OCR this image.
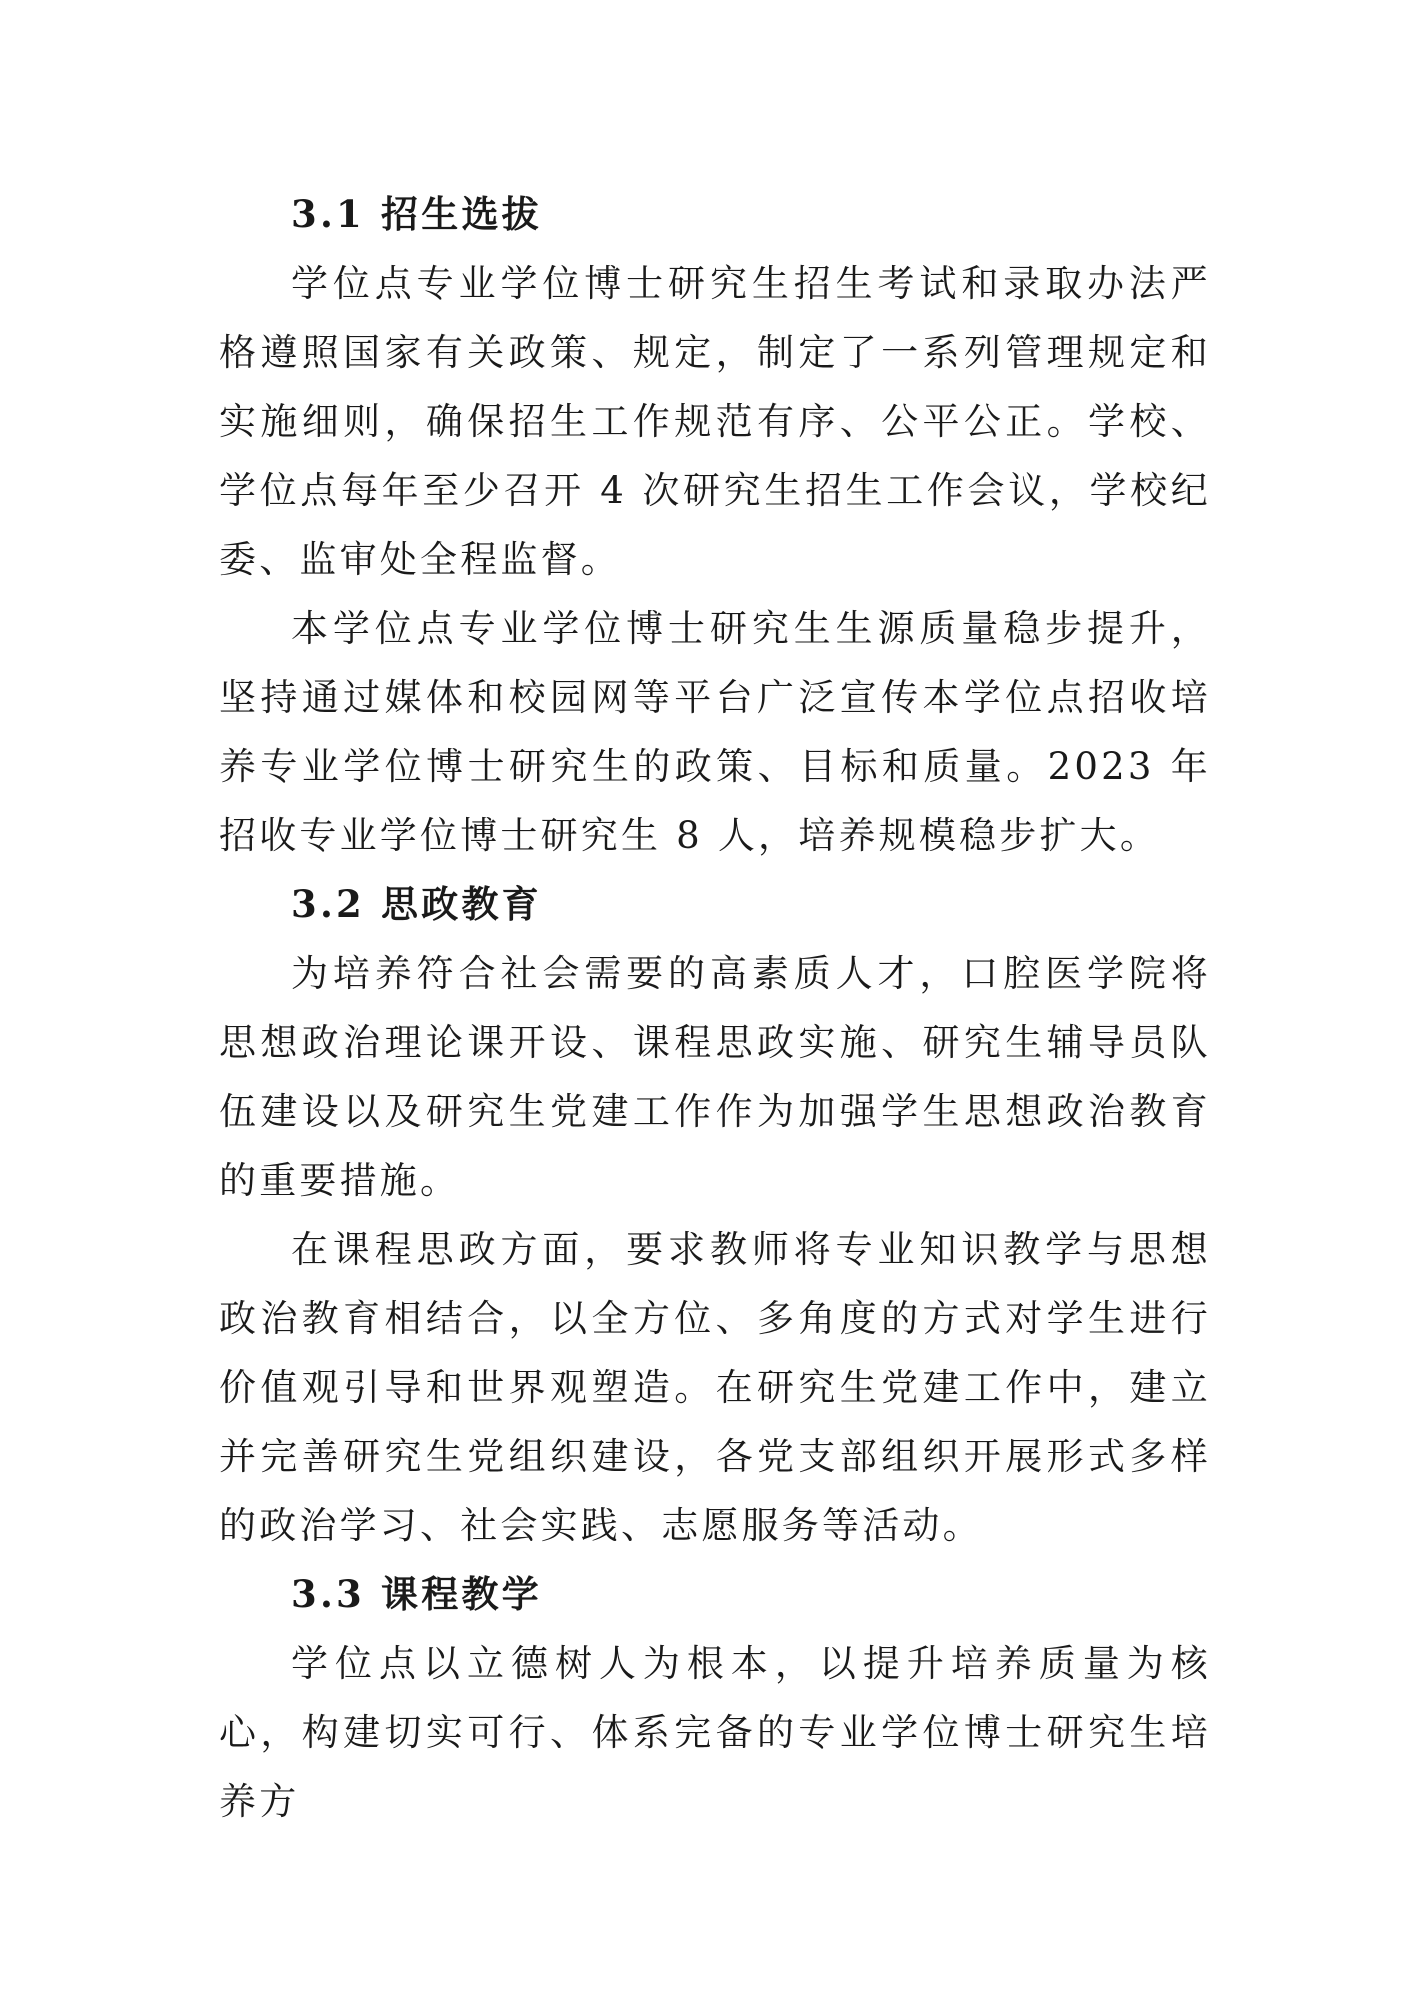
3.1 招生选拔

学位点专业学位博士研究生招生考试和录取办法严格遵照国家有关政策、规定，制定了一系列管理规定和实施细则，确保招生工作规范有序、公平公正。学校、学位点每年至少召开 4 次研究生招生工作会议，学校纪委、监审处全程监督。

本学位点专业学位博士研究生生源质量稳步提升，坚持通过媒体和校园网等平台广泛宣传本学位点招收培养专业学位博士研究生的政策、目标和质量。2023 年招收专业学位博士研究生 8 人，培养规模稳步扩大。

3.2 思政教育

为培养符合社会需要的高素质人才，口腔医学院将思想政治理论课开设、课程思政实施、研究生辅导员队伍建设以及研究生党建工作作为加强学生思想政治教育的重要措施。

在课程思政方面，要求教师将专业知识教学与思想政治教育相结合，以全方位、多角度的方式对学生进行价值观引导和世界观塑造。在研究生党建工作中，建立并完善研究生党组织建设，各党支部组织开展形式多样的政治学习、社会实践、志愿服务等活动。

3.3 课程教学

学位点以立德树人为根本，以提升培养质量为核心，构建切实可行、体系完备的专业学位博士研究生培养方
